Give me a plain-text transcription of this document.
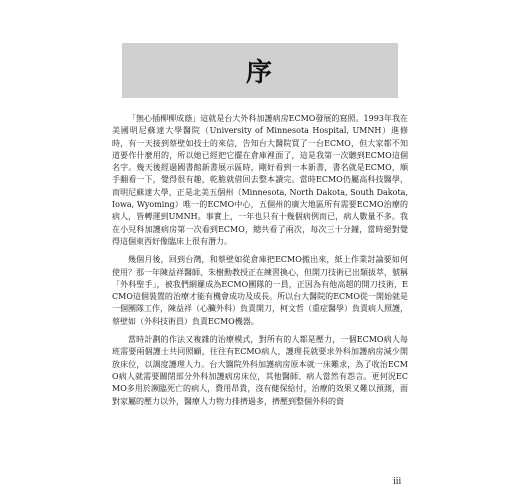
序

「無心插柳柳成蔭」這就是台大外科加護病房ECMO發展的寫照。1993年我在美國明尼蘇達大學醫院（University of Minnesota Hospital, UMNH）進修時，有一天接到蔡壁如技士的來信，告知台大醫院買了一台ECMO，但大家都不知道要作什麼用的，所以她已經把它擺在倉庫裡面了，這是我第一次聽到ECMO這個名字。幾天後經過國書館新書展示區時，剛好看到一本新書，書名就是ECMO，順手翻看一下，覺得很有趣，乾脆就借回去整本讀完。當時ECMO仍屬高科技醫學，而明尼蘇達大學，正是北美五個州（Minnesota, North Dakota, South Dakota, Iowa, Wyoming）唯一的ECMO中心，五個州的廣大地區所有需要ECMO治療的病人，皆轉運到UMNH。事實上，一年也只有十幾個病例而已，病人數量不多。我在小兒科加護病房第一次看到ECMO，總共看了兩次，每次三十分鐘，當時絕對覺得這個東西好像臨床上很有潛力。

幾個月後，回到台灣，和蔡壁如從倉庫把ECMO搬出來，紙上作業討論要如何使用？那一年陳益祥醫師、朱樹勳教授正在練習換心，但開刀技術已出類拔萃，號稱「外科聖手」，被我們網羅成為ECMO團隊的一員，正因為有他高超的開刀技術，ECMO這個裝置的治療才能有機會成功及成長。所以台大醫院的ECMO從一開始就是一個團隊工作，陳益祥（心臟外科）負責開刀，柯文哲（重症醫學）負責病人照護，蔡壁如（外科技術員）負責ECMO機器。

當時計劃的作法又複雜的治療模式，對所有的人都是壓力，一個ECMO病人每班需要兩個護士共同照顧，往往有ECMO病人，護理長就要求外科加護病房減少開放床位，以調度護理人力。台大醫院外科加護病房原本就一床難求，為了收治ECMO病人就需要關閉部分外科加護病房床位，其他醫師、病人當然有怨言。更何況ECMO多用於瀕臨死亡的病人，費用昂貴，沒有健保給付，治療的效果又難以預測，面對家屬的壓力以外，醫療人力物力排擠過多，擠壓到整個外科的資

iii
